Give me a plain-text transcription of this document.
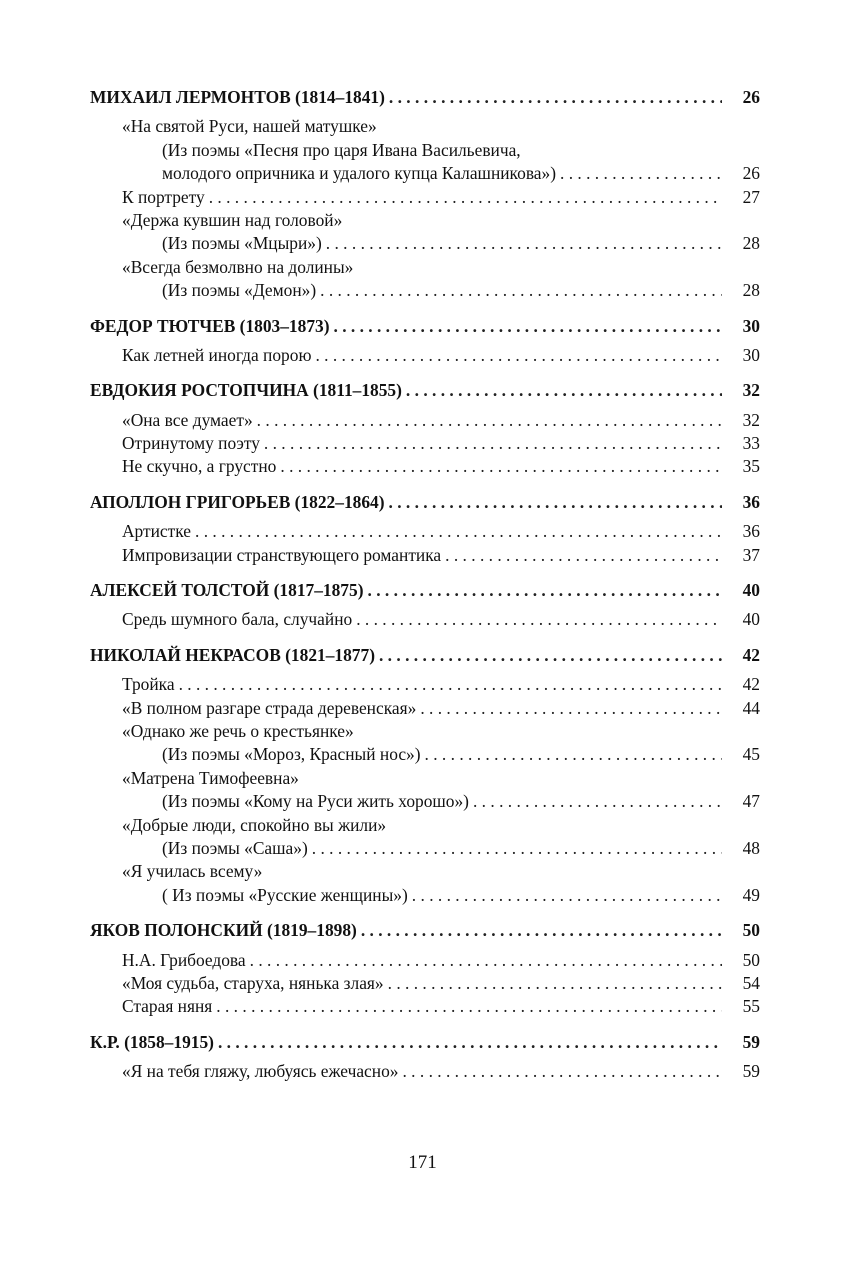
МИХАИЛ ЛЕРМОНТОВ (1814–1841) . . .	26
«На святой Руси, нашей матушке»
(Из поэмы «Песня про царя Ивана Васильевича,
молодого опричника и удалого купца Калашникова») . . .	26
К портрету . . .	27
«Держа кувшин над головой»
(Из поэмы «Мцыри») . . .	28
«Всегда безмолвно на долины»
(Из поэмы «Демон») . . .	28
ФЕДОР ТЮТЧЕВ (1803–1873) . . .	30
Как летней иногда порою . . .	30
ЕВДОКИЯ РОСТОПЧИНА (1811–1855) . . .	32
«Она все думает» . . .	32
Отринутому поэту . . .	33
Не скучно, а грустно . . .	35
АПОЛЛОН ГРИГОРЬЕВ (1822–1864) . . .	36
Артистке . . .	36
Импровизации странствующего романтика . . .	37
АЛЕКСЕЙ ТОЛСТОЙ (1817–1875) . . .	40
Средь шумного бала, случайно . . .	40
НИКОЛАЙ НЕКРАСОВ (1821–1877) . . .	42
Тройка . . .	42
«В полном разгаре страда деревенская» . . .	44
«Однако же речь о крестьянке»
(Из поэмы «Мороз, Красный нос») . . .	45
«Матрена Тимофеевна»
(Из поэмы «Кому на Руси жить хорошо») . . .	47
«Добрые люди, спокойно вы жили»
(Из поэмы «Саша») . . .	48
«Я училась всему»
( Из поэмы «Русские женщины») . . .	49
ЯКОВ ПОЛОНСКИЙ (1819–1898) . . .	50
Н.А. Грибоедова . . .	50
«Моя судьба, старуха, нянька злая» . . .	54
Старая няня . . .	55
К.Р. (1858–1915) . . .	59
«Я на тебя гляжу, любуясь ежечасно» . . .	59
171
